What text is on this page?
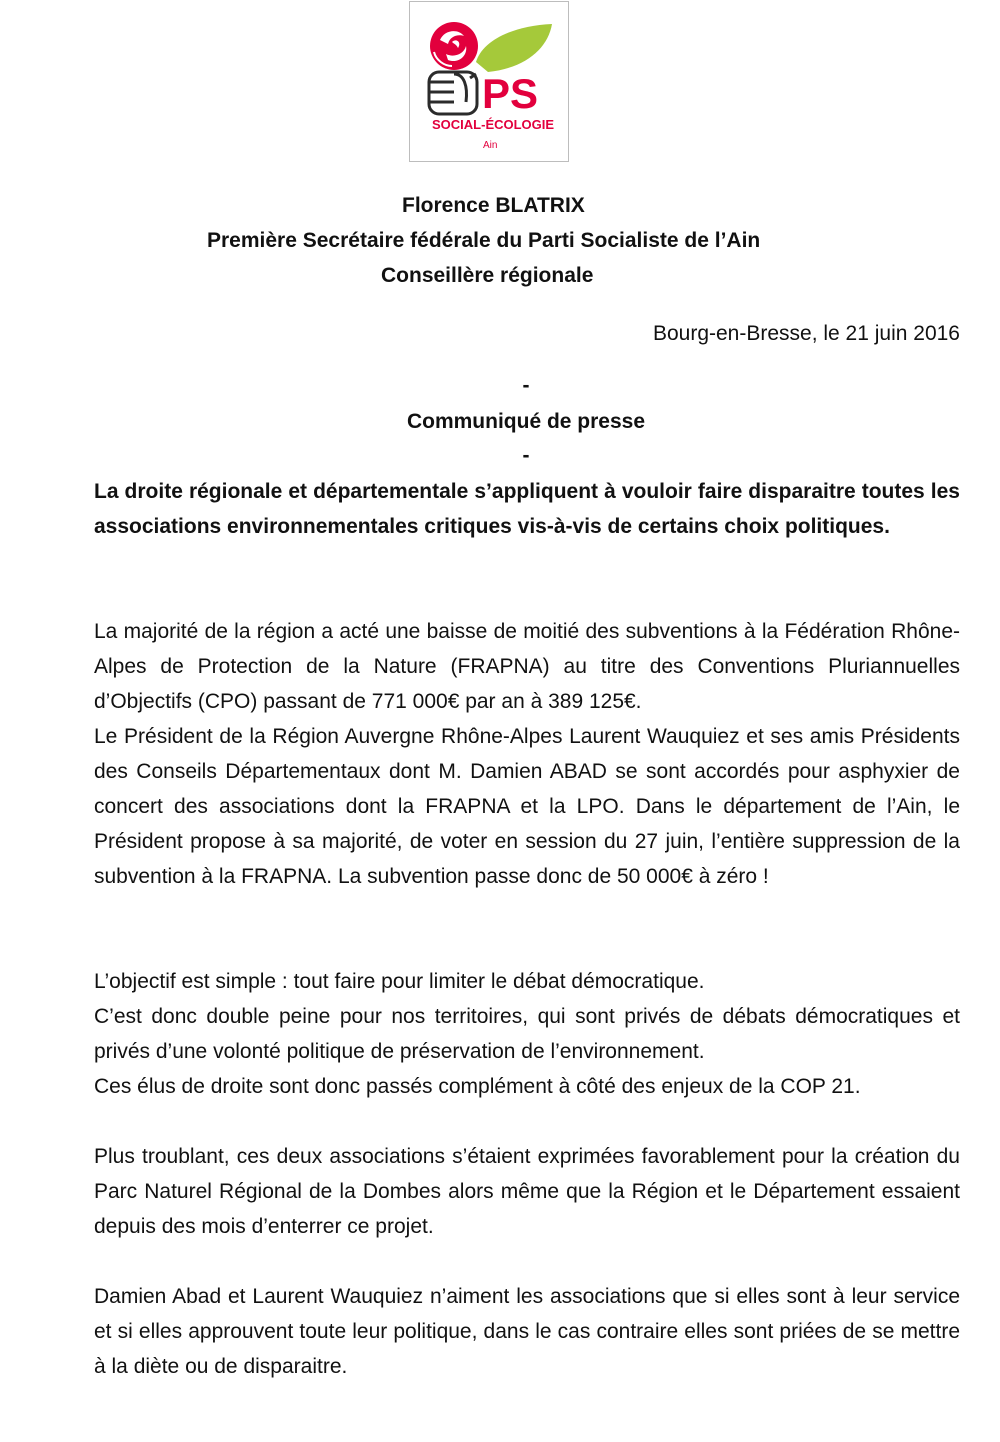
PS
SOCIAL-ÉCOLOGIE
Ain
Florence BLATRIX
Première Secrétaire fédérale du Parti Socialiste de l’Ain
Conseillère régionale
Bourg-en-Bresse, le 21 juin 2016
-
Communiqué de presse
-

La droite régionale et départementale s’appliquent à vouloir faire disparaitre toutes les associations environnementales critiques vis-à-vis de certains choix politiques.

La majorité de la région a acté une baisse de moitié des subventions à la Fédération Rhône-Alpes de Protection de la Nature (FRAPNA) au titre des Conventions Pluriannuelles d’Objectifs (CPO) passant de 771 000€ par an à 389 125€.

Le Président de la Région Auvergne Rhône-Alpes Laurent Wauquiez et ses amis Présidents des Conseils Départementaux dont M. Damien ABAD se sont accordés pour asphyxier de concert des associations dont la FRAPNA et la LPO. Dans le département de l’Ain, le Président propose à sa majorité, de voter en session du 27 juin, l’entière suppression de la subvention à la FRAPNA. La subvention passe donc de 50 000€ à zéro !

L’objectif est simple : tout faire pour limiter le débat démocratique.

C’est donc double peine pour nos territoires, qui sont privés de débats démocratiques et privés d’une volonté politique de préservation de l’environnement.

Ces élus de droite sont donc passés complément à côté des enjeux de la COP 21.

Plus troublant, ces deux associations s’étaient exprimées favorablement pour la création du Parc Naturel Régional de la Dombes alors même que la Région et le Département essaient depuis des mois d’enterrer ce projet.

Damien Abad et Laurent Wauquiez n’aiment les associations que si elles sont à leur service et si elles approuvent toute leur politique, dans le cas contraire elles sont priées de se mettre à la diète ou de disparaitre.
